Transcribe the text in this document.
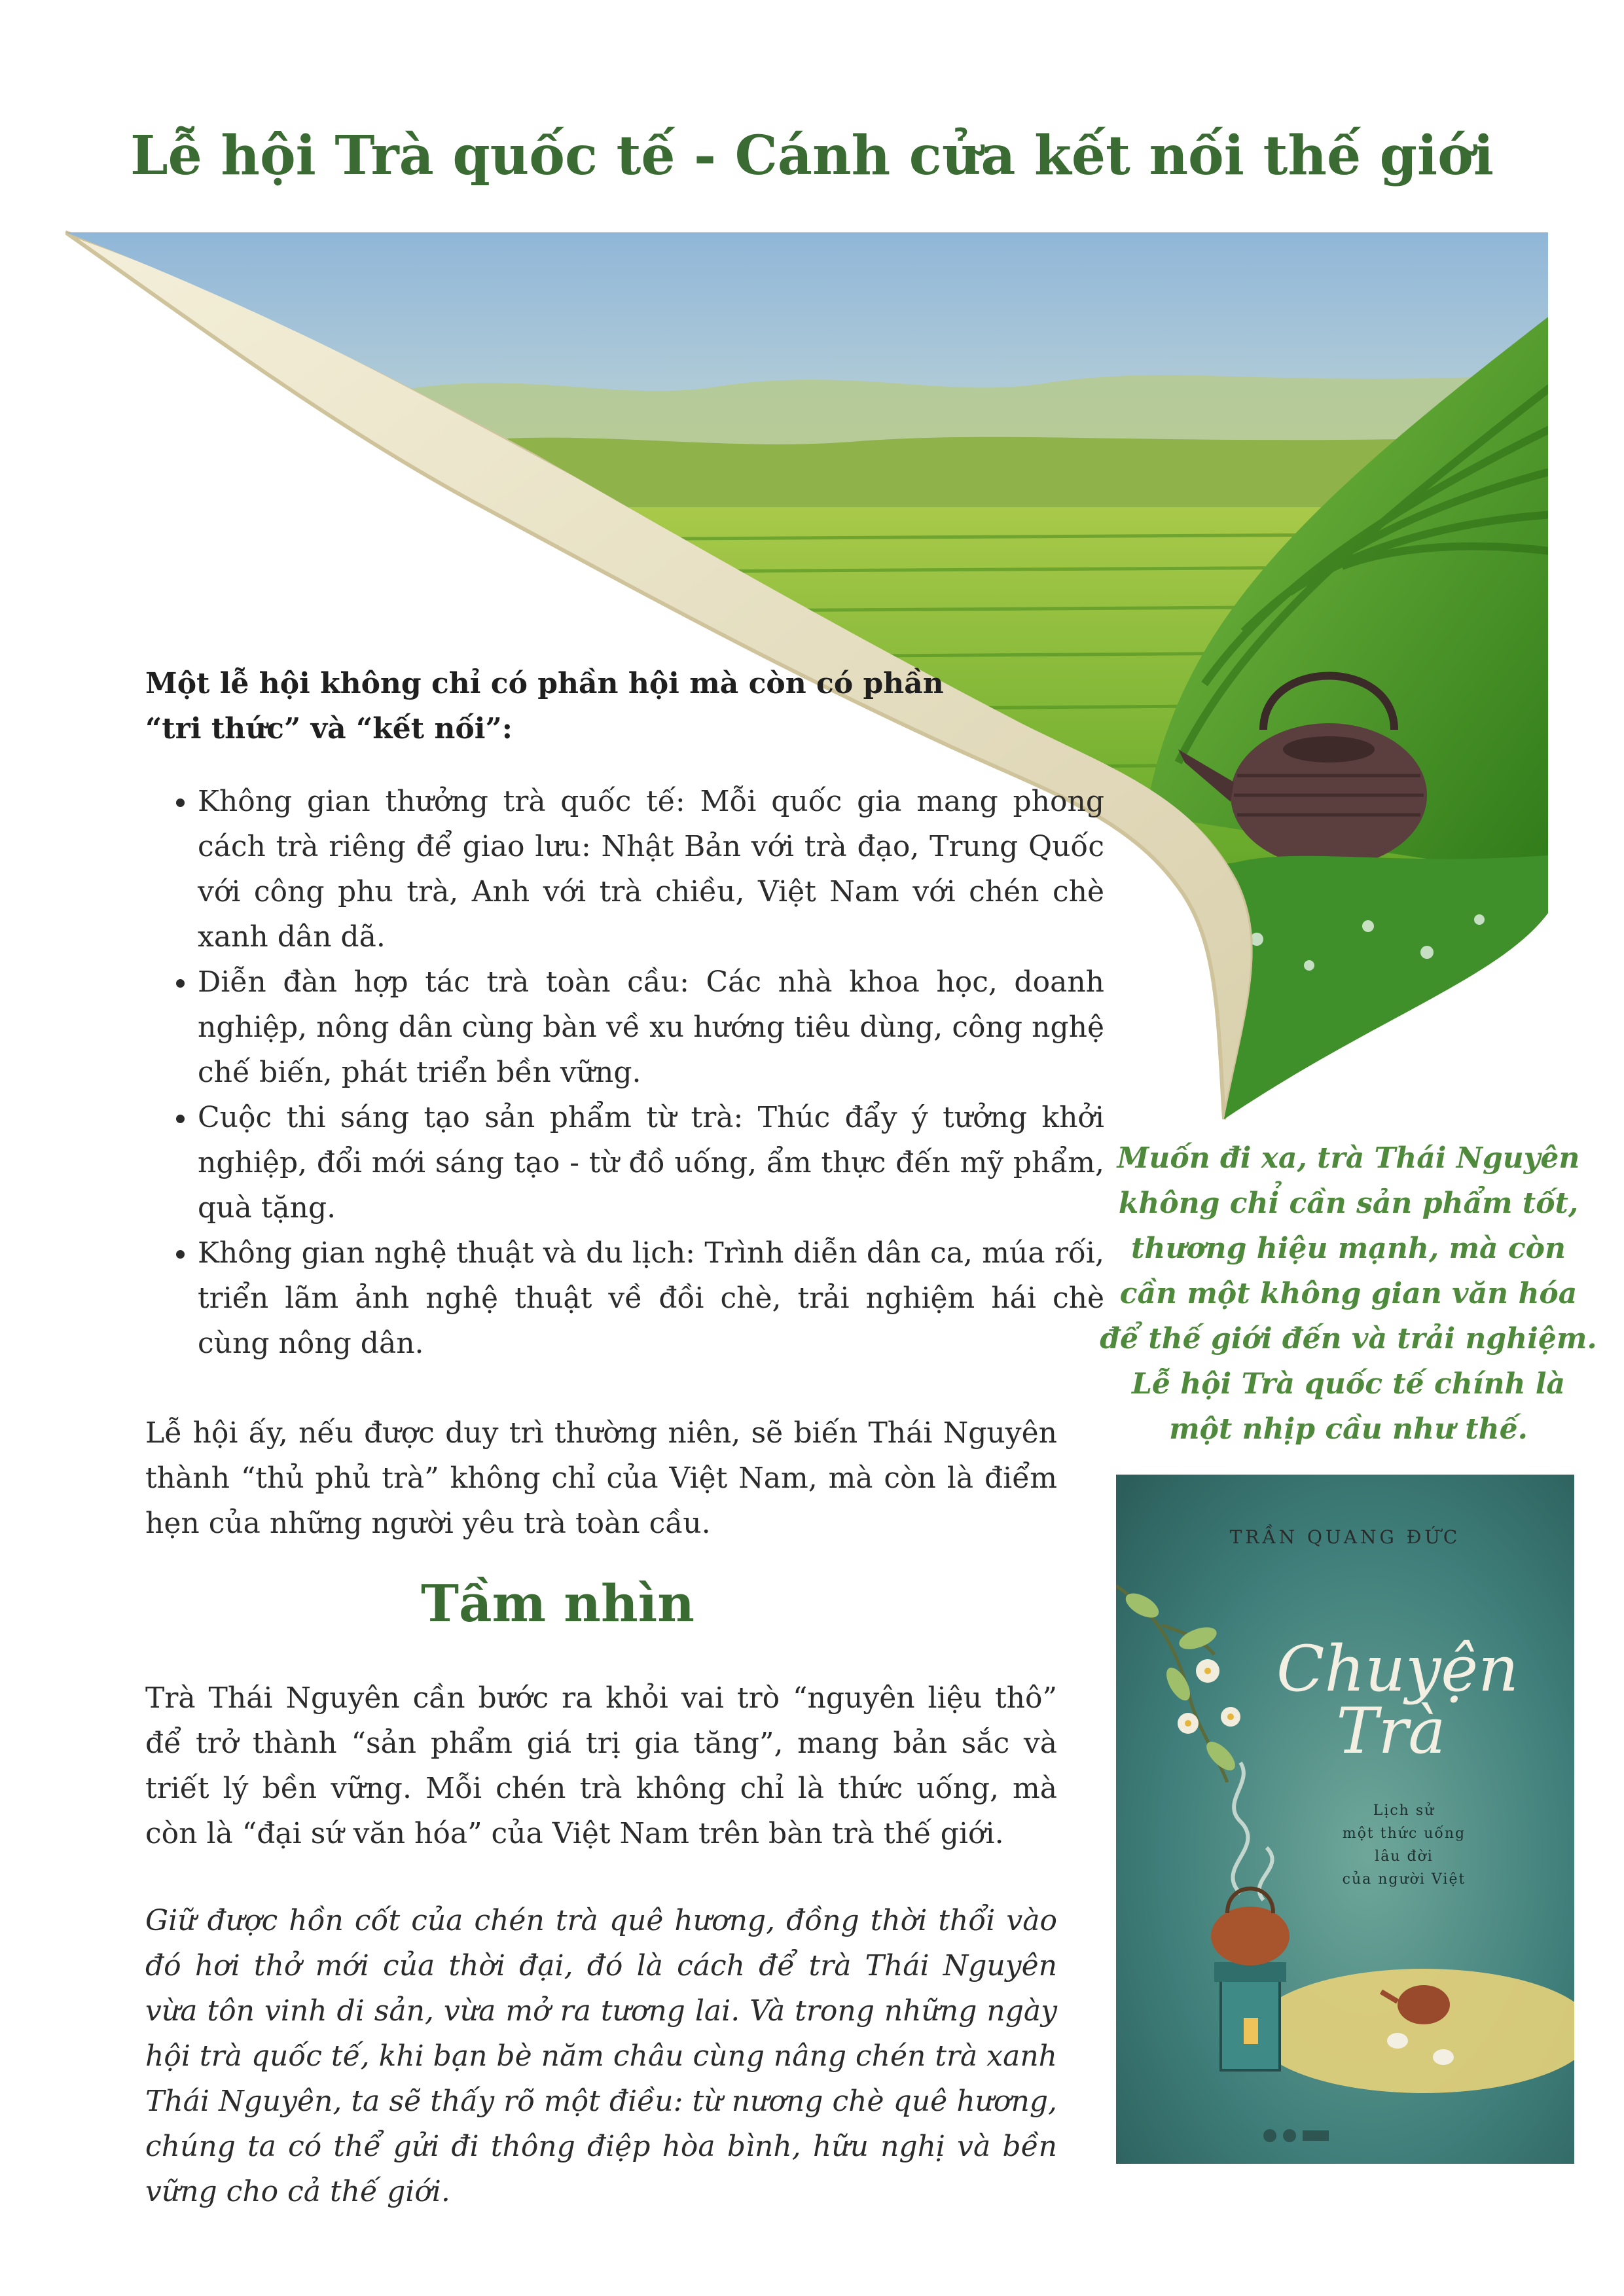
Lễ hội Trà quốc tế - Cánh cửa kết nối thế giới
Một lễ hội không chỉ có phần hội mà còn có phần “tri thức” và “kết nối”:
• Không gian thưởng trà quốc tế: Mỗi quốc gia mang phong cách trà riêng để giao lưu: Nhật Bản với trà đạo, Trung Quốc với công phu trà, Anh với trà chiều, Việt Nam với chén chè xanh dân dã.
• Diễn đàn hợp tác trà toàn cầu: Các nhà khoa học, doanh nghiệp, nông dân cùng bàn về xu hướng tiêu dùng, công nghệ chế biến, phát triển bền vững.
• Cuộc thi sáng tạo sản phẩm từ trà: Thúc đẩy ý tưởng khởi nghiệp, đổi mới sáng tạo - từ đồ uống, ẩm thực đến mỹ phẩm, quà tặng.
• Không gian nghệ thuật và du lịch: Trình diễn dân ca, múa rối, triển lãm ảnh nghệ thuật về đồi chè, trải nghiệm hái chè cùng nông dân.
Lễ hội ấy, nếu được duy trì thường niên, sẽ biến Thái Nguyên thành “thủ phủ trà” không chỉ của Việt Nam, mà còn là điểm hẹn của những người yêu trà toàn cầu.
Tầm nhìn
Trà Thái Nguyên cần bước ra khỏi vai trò “nguyên liệu thô” để trở thành “sản phẩm giá trị gia tăng”, mang bản sắc và triết lý bền vững. Mỗi chén trà không chỉ là thức uống, mà còn là “đại sứ văn hóa” của Việt Nam trên bàn trà thế giới.
Giữ được hồn cốt của chén trà quê hương, đồng thời thổi vào đó hơi thở mới của thời đại, đó là cách để trà Thái Nguyên vừa tôn vinh di sản, vừa mở ra tương lai. Và trong những ngày hội trà quốc tế, khi bạn bè năm châu cùng nâng chén trà xanh Thái Nguyên, ta sẽ thấy rõ một điều: từ nương chè quê hương, chúng ta có thể gửi đi thông điệp hòa bình, hữu nghị và bền vững cho cả thế giới.
Muốn đi xa, trà Thái Nguyên không chỉ cần sản phẩm tốt, thương hiệu mạnh, mà còn cần một không gian văn hóa để thế giới đến và trải nghiệm. Lễ hội Trà quốc tế chính là một nhịp cầu như thế.
TRẦN QUANG ĐỨC
Chuyện
Trà
Lịch sử
một thức uống
lâu đời
của người Việt
